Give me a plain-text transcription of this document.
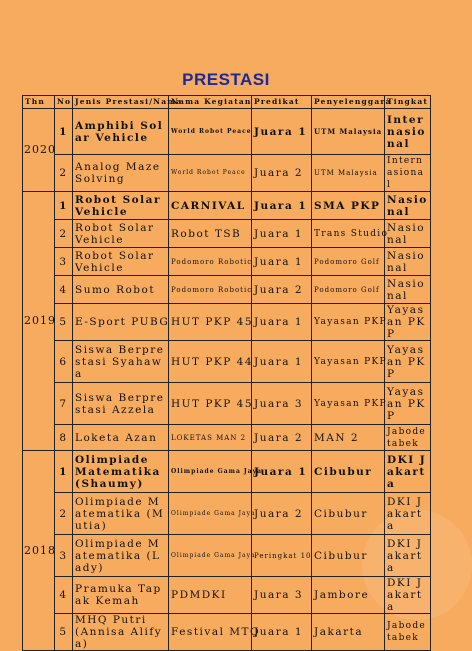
PRESTASI
Thn	No	Jenis Prestasi/Nama	Nama Kegiatan	Predikat	Penyelenggara	Tingkat
2020	1	Amphibi Solar Vehicle	World Robot Peace	Juara 1	UTM Malaysia	Internasional
	2	Analog Maze Solving	World Robot Peace	Juara 2	UTM Malaysia	Internasional
2019	1	Robot Solar Vehicle	CARNIVAL	Juara 1	SMA PKP	Nasional
	2	Robot Solar Vehicle	Robot TSB	Juara 1	Trans Studio	Nasional
	3	Robot Solar Vehicle	Podomoro Robotic	Juara 1	Podomoro Golf	Nasional
	4	Sumo Robot	Podomoro Robotic	Juara 2	Podomoro Golf	Nasional
	5	E-Sport PUBG	HUT PKP 45	Juara 1	Yayasan PKP	Yayasan PKP
	6	Siswa Berprestasi Syahawa	HUT PKP 44	Juara 1	Yayasan PKP	Yayasan PKP
	7	Siswa Berprestasi Azzela	HUT PKP 45	Juara 3	Yayasan PKP	Yayasan PKP
	8	Loketa Azan	LOKETAS MAN 2	Juara 2	MAN 2	Jabodetabek
2018	1	Olimpiade Matematika (Shaumy)	Olimpiade Gama Jaya	Juara 1	Cibubur	DKI Jakarta
	2	Olimpiade Matematika (Mutia)	Olimpiade Gama Jaya	Juara 2	Cibubur	DKI Jakarta
	3	Olimpiade Matematika (Lady)	Olimpiade Gama Jaya	Peringkat 10	Cibubur	DKI Jakarta
	4	Pramuka Tapak Kemah	PDMDKI	Juara 3	Jambore	DKI Jakarta
	5	MHQ Putri (Annisa Alifya)	Festival MTQ	Juara 1	Jakarta	Jabodetabek
